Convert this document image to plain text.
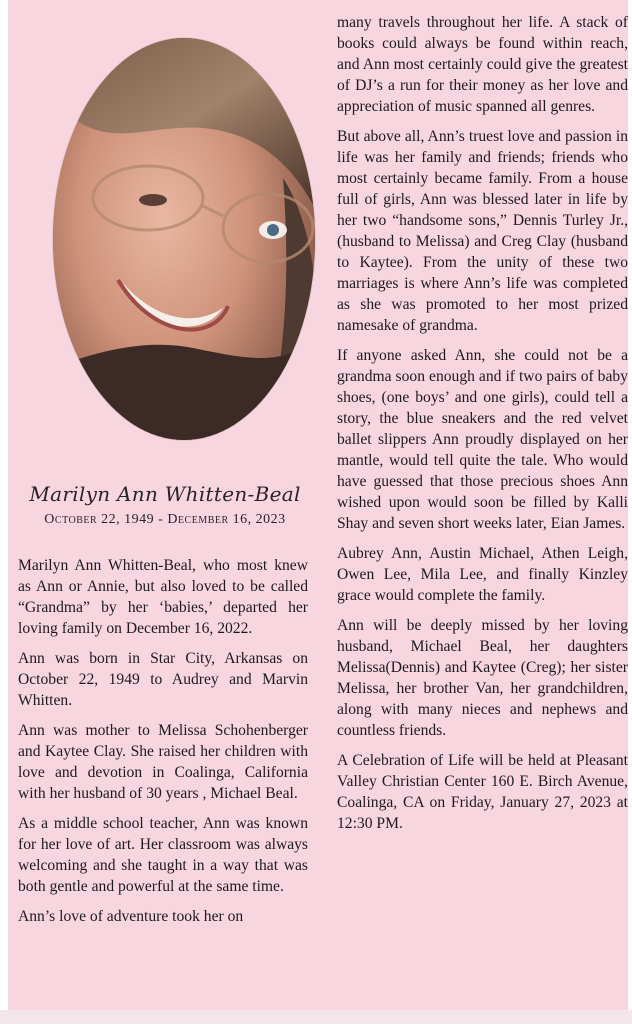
many travels throughout her life. A stack of books could always be found within reach, and Ann most certainly could give the greatest of DJ’s a run for their money as her love and appreciation of music spanned all genres.

But above all, Ann’s truest love and passion in life was her family and friends; friends who most certainly became family. From a house full of girls, Ann was blessed later in life by her two “handsome sons,” Dennis Turley Jr., (husband to Melissa) and Creg Clay (husband to Kaytee). From the unity of these two marriages is where Ann’s life was completed as she was promoted to her most prized namesake of grandma.

If anyone asked Ann, she could not be a grandma soon enough and if two pairs of baby shoes, (one boys’ and one girls), could tell a story, the blue sneakers and the red velvet ballet slippers Ann proudly displayed on her mantle, would tell quite the tale. Who would have guessed that those precious shoes Ann wished upon would soon be filled by Kalli Shay and seven short weeks later, Eian James.

Aubrey Ann, Austin Michael, Athen Leigh, Owen Lee, Mila Lee, and finally Kinzley grace would complete the family.

Ann will be deeply missed by her loving husband, Michael Beal, her daughters Melissa(Dennis) and Kaytee (Creg); her sister Melissa, her brother Van, her grandchildren, along with many nieces and nephews and countless friends.

A Celebration of Life will be held at Pleasant Valley Christian Center 160 E. Birch Avenue, Coalinga, CA on Friday, January 27, 2023 at 12:30 PM.

Marilyn Ann Whitten-Beal
October 22, 1949 - December 16, 2023

Marilyn Ann Whitten-Beal, who most knew as Ann or Annie, but also loved to be called “Grandma” by her ‘babies,’ departed her loving family on December 16, 2022.

Ann was born in Star City, Arkansas on October 22, 1949 to Audrey and Marvin Whitten.

Ann was mother to Melissa Schohenberger and Kaytee Clay. She raised her children with love and devotion in Coalinga, California with her husband of 30 years , Michael Beal.

As a middle school teacher, Ann was known for her love of art. Her classroom was always welcoming and she taught in a way that was both gentle and powerful at the same time.

Ann’s love of adventure took her on
